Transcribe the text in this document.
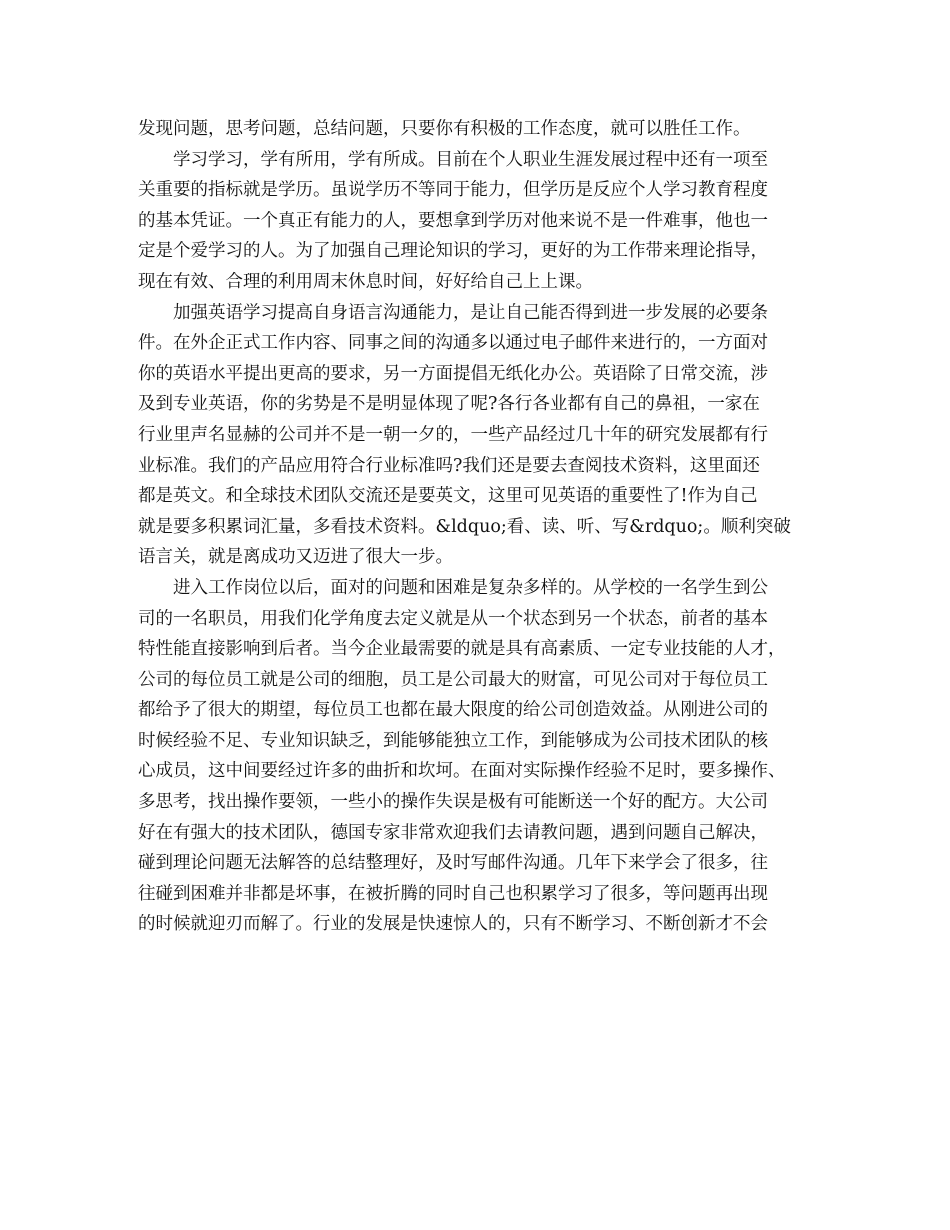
发现问题，思考问题，总结问题，只要你有积极的工作态度，就可以胜任工作。
学习学习，学有所用，学有所成。目前在个人职业生涯发展过程中还有一项至
关重要的指标就是学历。虽说学历不等同于能力，但学历是反应个人学习教育程度
的基本凭证。一个真正有能力的人，要想拿到学历对他来说不是一件难事，他也一
定是个爱学习的人。为了加强自己理论知识的学习，更好的为工作带来理论指导，
现在有效、合理的利用周末休息时间，好好给自己上上课。
加强英语学习提高自身语言沟通能力，是让自己能否得到进一步发展的必要条
件。在外企正式工作内容、同事之间的沟通多以通过电子邮件来进行的，一方面对
你的英语水平提出更高的要求，另一方面提倡无纸化办公。英语除了日常交流，涉
及到专业英语，你的劣势是不是明显体现了呢?各行各业都有自己的鼻祖，一家在
行业里声名显赫的公司并不是一朝一夕的，一些产品经过几十年的研究发展都有行
业标准。我们的产品应用符合行业标准吗?我们还是要去查阅技术资料，这里面还
都是英文。和全球技术团队交流还是要英文，这里可见英语的重要性了!作为自己
就是要多积累词汇量，多看技术资料。&ldquo;看、读、听、写&rdquo;。顺利突破
语言关，就是离成功又迈进了很大一步。
进入工作岗位以后，面对的问题和困难是复杂多样的。从学校的一名学生到公
司的一名职员，用我们化学角度去定义就是从一个状态到另一个状态，前者的基本
特性能直接影响到后者。当今企业最需要的就是具有高素质、一定专业技能的人才，
公司的每位员工就是公司的细胞，员工是公司最大的财富，可见公司对于每位员工
都给予了很大的期望，每位员工也都在最大限度的给公司创造效益。从刚进公司的
时候经验不足、专业知识缺乏，到能够能独立工作，到能够成为公司技术团队的核
心成员，这中间要经过许多的曲折和坎坷。在面对实际操作经验不足时，要多操作、
多思考，找出操作要领，一些小的操作失误是极有可能断送一个好的配方。大公司
好在有强大的技术团队，德国专家非常欢迎我们去请教问题，遇到问题自己解决，
碰到理论问题无法解答的总结整理好，及时写邮件沟通。几年下来学会了很多，往
往碰到困难并非都是坏事，在被折腾的同时自己也积累学习了很多，等问题再出现
的时候就迎刃而解了。行业的发展是快速惊人的，只有不断学习、不断创新才不会
